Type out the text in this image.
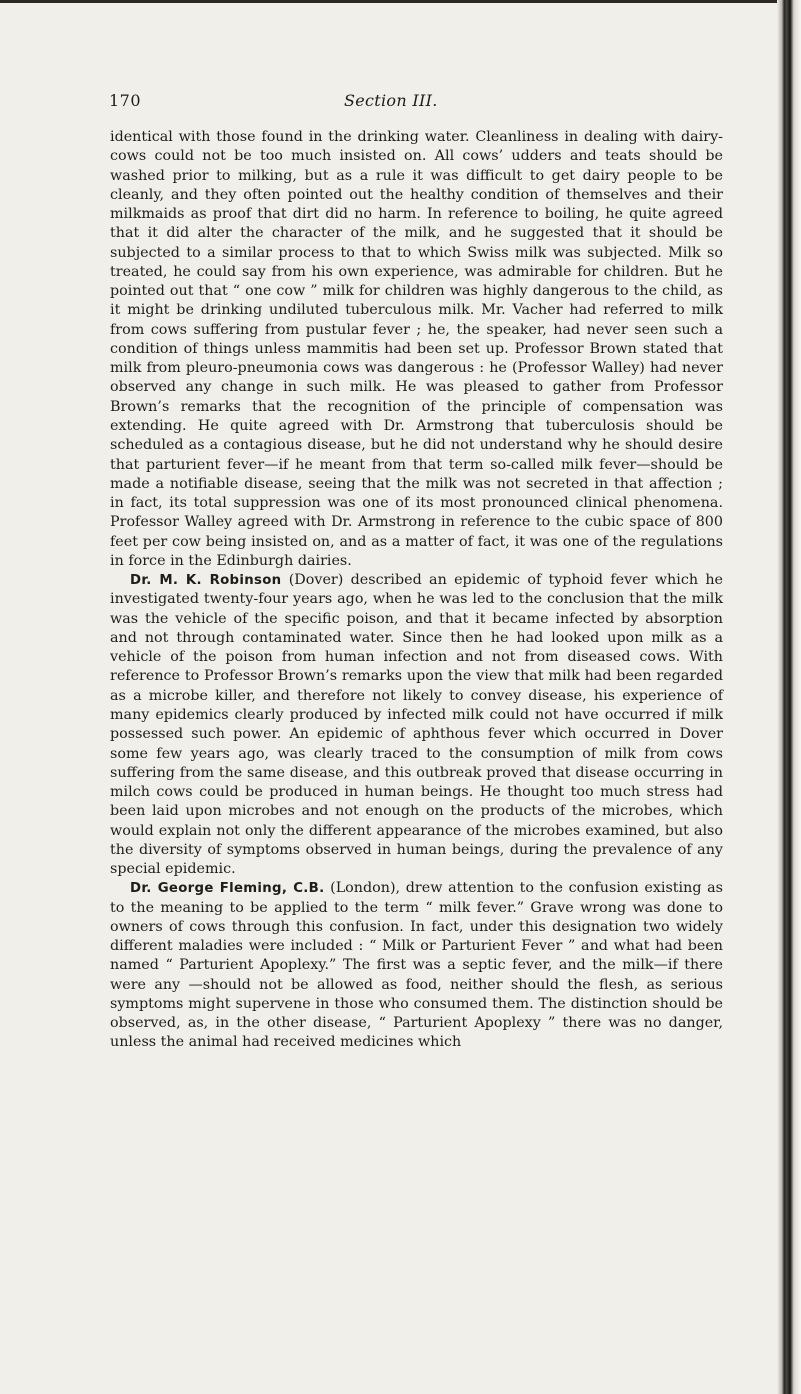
170	Section III.

identical with those found in the drinking water. Cleanliness in dealing with dairy-cows could not be too much insisted on. All cows’ udders and teats should be washed prior to milking, but as a rule it was difficult to get dairy people to be cleanly, and they often pointed out the healthy condition of themselves and their milkmaids as proof that dirt did no harm. In reference to boiling, he quite agreed that it did alter the character of the milk, and he suggested that it should be subjected to a similar process to that to which Swiss milk was subjected. Milk so treated, he could say from his own experience, was admirable for children. But he pointed out that “ one cow ” milk for children was highly dangerous to the child, as it might be drinking undiluted tuberculous milk. Mr. Vacher had referred to milk from cows suffering from pustular fever ; he, the speaker, had never seen such a condition of things unless mammitis had been set up. Professor Brown stated that milk from pleuro-pneumonia cows was dangerous : he (Professor Walley) had never observed any change in such milk. He was pleased to gather from Professor Brown’s remarks that the recognition of the principle of compensation was extending. He quite agreed with Dr. Armstrong that tuberculosis should be scheduled as a contagious disease, but he did not understand why he should desire that parturient fever—if he meant from that term so-called milk fever—should be made a notifiable disease, seeing that the milk was not secreted in that affection ; in fact, its total suppression was one of its most pronounced clinical phenomena. Professor Walley agreed with Dr. Armstrong in reference to the cubic space of 800 feet per cow being insisted on, and as a matter of fact, it was one of the regulations in force in the Edinburgh dairies.

Dr. M. K. Robinson (Dover) described an epidemic of typhoid fever which he investigated twenty-four years ago, when he was led to the conclusion that the milk was the vehicle of the specific poison, and that it became infected by absorption and not through contaminated water. Since then he had looked upon milk as a vehicle of the poison from human infection and not from diseased cows. With reference to Professor Brown’s remarks upon the view that milk had been regarded as a microbe killer, and therefore not likely to convey disease, his experience of many epidemics clearly produced by infected milk could not have occurred if milk possessed such power. An epidemic of aphthous fever which occurred in Dover some few years ago, was clearly traced to the consumption of milk from cows suffering from the same disease, and this outbreak proved that disease occurring in milch cows could be produced in human beings. He thought too much stress had been laid upon microbes and not enough on the products of the microbes, which would explain not only the different appearance of the microbes examined, but also the diversity of symptoms observed in human beings, during the prevalence of any special epidemic.

Dr. George Fleming, C.B. (London), drew attention to the confusion existing as to the meaning to be applied to the term “ milk fever.” Grave wrong was done to owners of cows through this confusion. In fact, under this designation two widely different maladies were included : “ Milk or Parturient Fever ” and what had been named “ Parturient Apoplexy.” The first was a septic fever, and the milk—if there were any —should not be allowed as food, neither should the flesh, as serious symptoms might supervene in those who consumed them. The distinction should be observed, as, in the other disease, “ Parturient Apoplexy ” there was no danger, unless the animal had received medicines which
